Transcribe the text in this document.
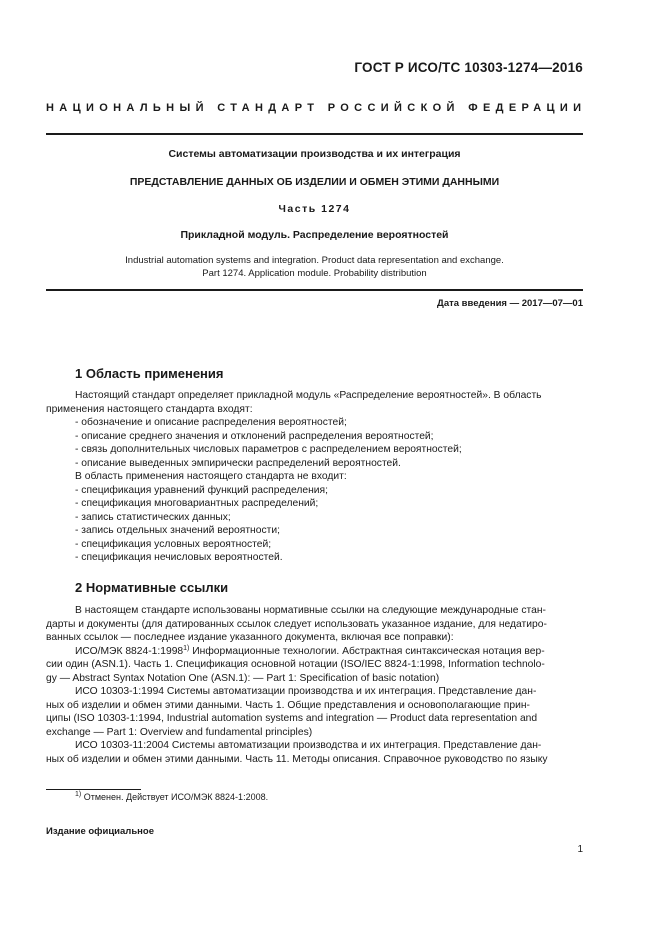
ГОСТ Р ИСО/ТС 10303-1274—2016
НАЦИОНАЛЬНЫЙ СТАНДАРТ РОССИЙСКОЙ ФЕДЕРАЦИИ
Системы автоматизации производства и их интеграция
ПРЕДСТАВЛЕНИЕ ДАННЫХ ОБ ИЗДЕЛИИ И ОБМЕН ЭТИМИ ДАННЫМИ
Часть 1274
Прикладной модуль. Распределение вероятностей
Industrial automation systems and integration. Product data representation and exchange.
Part 1274. Application module. Probability distribution
Дата введения — 2017—07—01
1 Область применения
Настоящий стандарт определяет прикладной модуль «Распределение вероятностей». В область
применения настоящего стандарта входят:
- обозначение и описание распределения вероятностей;
- описание среднего значения и отклонений распределения вероятностей;
- связь дополнительных числовых параметров с распределением вероятностей;
- описание выведенных эмпирически распределений вероятностей.
В область применения настоящего стандарта не входит:
- спецификация уравнений функций распределения;
- спецификация многовариантных распределений;
- запись статистических данных;
- запись отдельных значений вероятности;
- спецификация условных вероятностей;
- спецификация нечисловых вероятностей.
2 Нормативные ссылки
В настоящем стандарте использованы нормативные ссылки на следующие международные стан-
дарты и документы (для датированных ссылок следует использовать указанное издание, для недатиро-
ванных ссылок — последнее издание указанного документа, включая все поправки):
ИСО/МЭК 8824-1:1998$^{1)}$ Информационные технологии. Абстрактная синтаксическая нотация вер-
сии один (ASN.1). Часть 1. Спецификация основной нотации (ISO/IEC 8824-1:1998, Information technolo-
gy — Abstract Syntax Notation One (ASN.1): — Part 1: Specification of basic notation)
ИСО 10303-1:1994 Системы автоматизации производства и их интеграция. Представление дан-
ных об изделии и обмен этими данными. Часть 1. Общие представления и основополагающие прин-
ципы (ISO 10303-1:1994, Industrial automation systems and integration — Product data representation and
exchange — Part 1: Overview and fundamental principles)
ИСО 10303-11:2004 Системы автоматизации производства и их интеграция. Представление дан-
ных об изделии и обмен этими данными. Часть 11. Методы описания. Справочное руководство по языку
$^{1)}$ Отменен. Действует ИСО/МЭК 8824-1:2008.
Издание официальное
1
